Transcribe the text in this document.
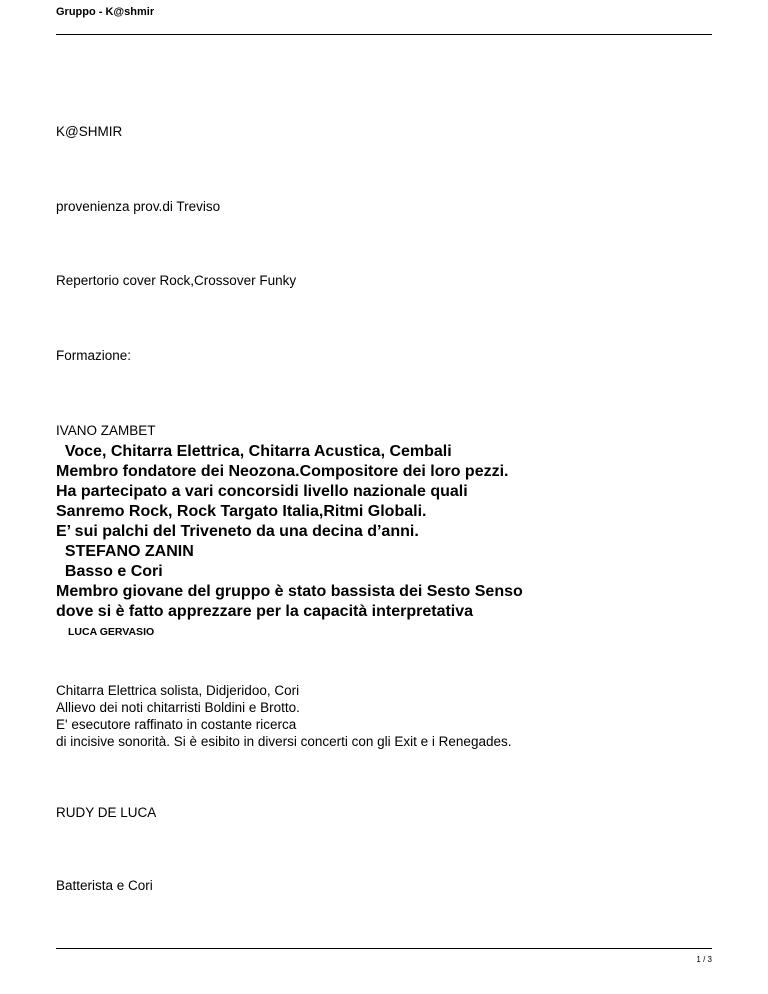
Gruppo - K@shmir
K@SHMIR
provenienza prov.di Treviso
Repertorio cover Rock,Crossover Funky
Formazione:
IVANO ZAMBET
Voce, Chitarra Elettrica, Chitarra Acustica, Cembali
Membro fondatore dei Neozona.Compositore dei loro pezzi.
Ha partecipato a vari concorsidi livello nazionale quali
Sanremo Rock, Rock Targato Italia,Ritmi Globali.
E’ sui palchi del Triveneto da una decina d’anni.
STEFANO ZANIN
Basso e Cori
Membro giovane del gruppo è stato bassista dei Sesto Senso
dove si è fatto apprezzare per la capacità interpretativa
LUCA GERVASIO
Chitarra Elettrica solista, Didjeridoo, Cori
Allievo dei noti chitarristi Boldini e Brotto.
E' esecutore raffinato in costante ricerca
di incisive sonorità. Si è esibito in diversi concerti con gli Exit e i Renegades.
RUDY DE LUCA
Batterista e Cori
1 / 3
